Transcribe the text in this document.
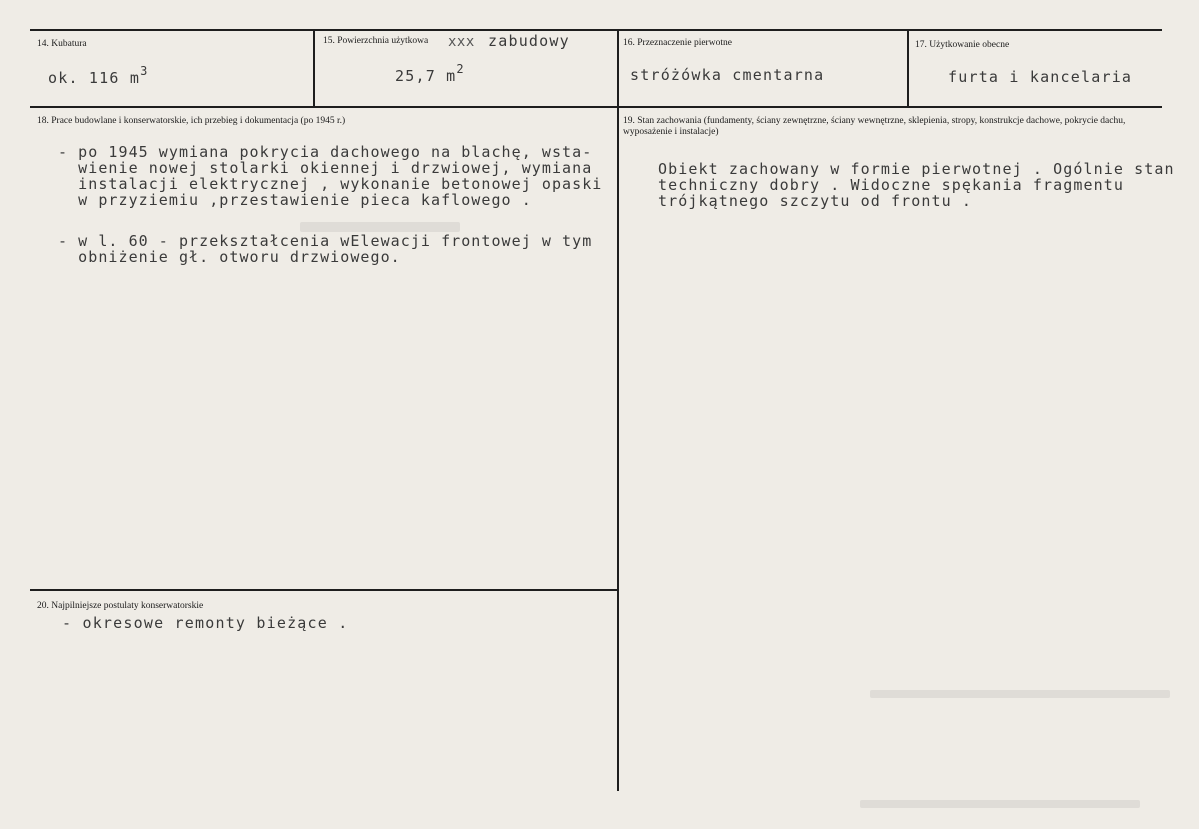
14. Kubatura
ok. 116 $m^3$
15. Powierzchnia użytkowa xxx zabudowy
25,7 $m^2$
16. Przeznaczenie pierwotne
stróżówka cmentarna
17. Użytkowanie obecne
furta i kancelaria
18. Prace budowlane i konserwatorskie, ich przebieg i dokumentacja (po 1945 r.)
- po 1945 wymiana pokrycia dachowego na blachę, wsta-
wienie nowej stolarki okiennej i drzwiowej, wymiana
instalacji elektrycznej , wykonanie betonowej opaski
w przyziemiu ,przestawienie pieca kaflowego .
- w l. 60 - przekształcenia wElewacji frontowej w tym
obniżenie gł. otworu drzwiowego.
19. Stan zachowania (fundamenty, ściany zewnętrzne, ściany wewnętrzne, sklepienia, stropy, konstrukcje dachowe, pokrycie dachu, wyposażenie i instalacje)
Obiekt zachowany w formie pierwotnej . Ogólnie stan
techniczny dobry . Widoczne spękania fragmentu
trójkątnego szczytu od frontu .
20. Najpilniejsze postulaty konserwatorskie
- okresowe remonty bieżące .
